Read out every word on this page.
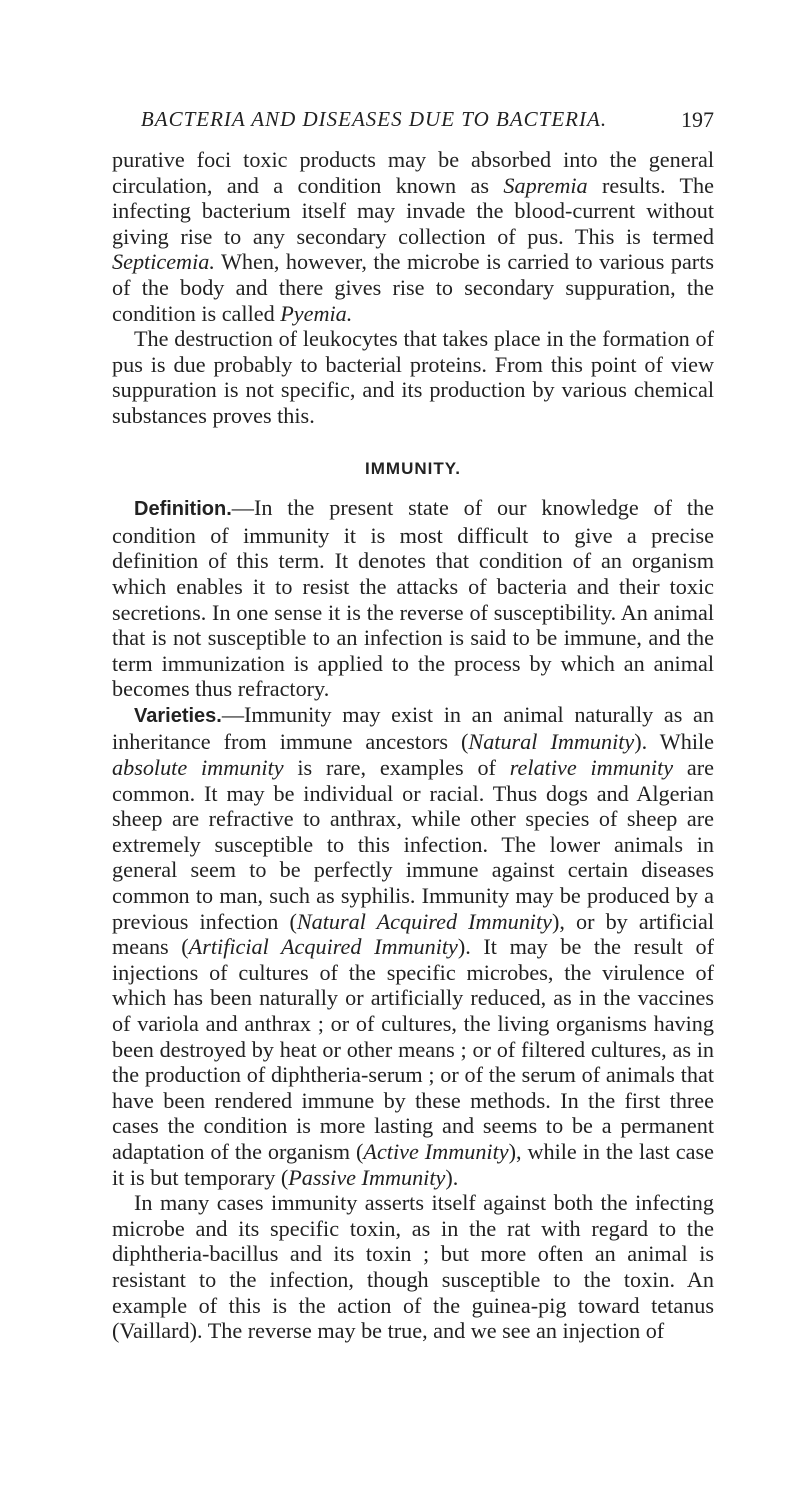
BACTERIA AND DISEASES DUE TO BACTERIA.	197

purative foci toxic products may be absorbed into the general circulation, and a condition known as Sapremia results. The infecting bacterium itself may invade the blood-current without giving rise to any secondary collection of pus. This is termed Septicemia. When, however, the microbe is carried to various parts of the body and there gives rise to secondary suppuration, the condition is called Pyemia.

The destruction of leukocytes that takes place in the formation of pus is due probably to bacterial proteins. From this point of view suppuration is not specific, and its production by various chemical substances proves this.

IMMUNITY.

Definition.—In the present state of our knowledge of the condition of immunity it is most difficult to give a precise definition of this term. It denotes that condition of an organism which enables it to resist the attacks of bacteria and their toxic secretions. In one sense it is the reverse of susceptibility. An animal that is not susceptible to an infection is said to be immune, and the term immunization is applied to the process by which an animal becomes thus refractory.

Varieties.—Immunity may exist in an animal naturally as an inheritance from immune ancestors (Natural Immunity). While absolute immunity is rare, examples of relative immunity are common. It may be individual or racial. Thus dogs and Algerian sheep are refractive to anthrax, while other species of sheep are extremely susceptible to this infection. The lower animals in general seem to be perfectly immune against certain diseases common to man, such as syphilis. Immunity may be produced by a previous infection (Natural Acquired Immunity), or by artificial means (Artificial Acquired Immunity). It may be the result of injections of cultures of the specific microbes, the virulence of which has been naturally or artificially reduced, as in the vaccines of variola and anthrax ; or of cultures, the living organisms having been destroyed by heat or other means ; or of filtered cultures, as in the production of diphtheria-serum ; or of the serum of animals that have been rendered immune by these methods. In the first three cases the condition is more lasting and seems to be a permanent adaptation of the organism (Active Immunity), while in the last case it is but temporary (Passive Immunity).

In many cases immunity asserts itself against both the infecting microbe and its specific toxin, as in the rat with regard to the diphtheria-bacillus and its toxin ; but more often an animal is resistant to the infection, though susceptible to the toxin. An example of this is the action of the guinea-pig toward tetanus (Vaillard). The reverse may be true, and we see an injection of
